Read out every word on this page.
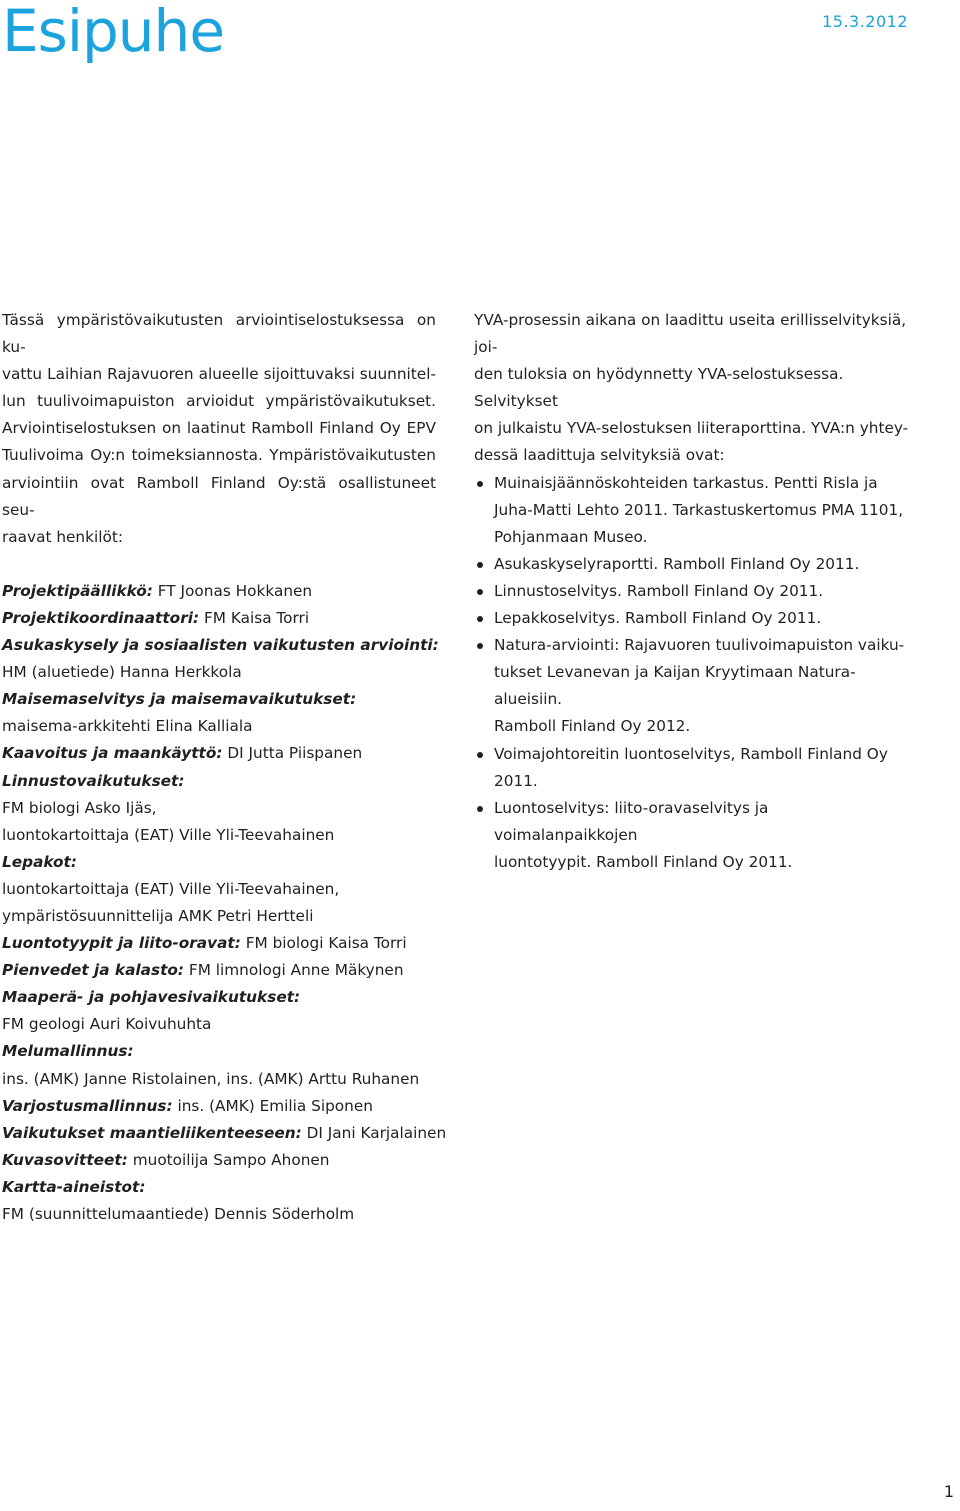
Esipuhe	15.3.2012

Tässä ympäristövaikutusten arviointiselostuksessa on ku-
vattu Laihian Rajavuoren alueelle sijoittuvaksi suunnitel-
lun tuulivoimapuiston arvioidut ympäristövaikutukset.
Arviointiselostuksen on laatinut Ramboll Finland Oy EPV
Tuulivoima Oy:n toimeksiannosta. Ympäristövaikutusten
arviointiin ovat Ramboll Finland Oy:stä osallistuneet seu-
raavat henkilöt:

Projektipäällikkö: FT Joonas Hokkanen

Projektikoordinaattori: FM Kaisa Torri

Asukaskysely ja sosiaalisten vaikutusten arviointi:

HM (aluetiede) Hanna Herkkola

Maisemaselvitys ja maisemavaikutukset:

maisema-arkkitehti Elina Kalliala

Kaavoitus ja maankäyttö: DI Jutta Piispanen

Linnustovaikutukset:

FM biologi Asko Ijäs,

luontokartoittaja (EAT) Ville Yli-Teevahainen

Lepakot:

luontokartoittaja (EAT) Ville Yli-Teevahainen,

ympäristösuunnittelija AMK Petri Hertteli

Luontotyypit ja liito-oravat: FM biologi Kaisa Torri

Pienvedet ja kalasto: FM limnologi Anne Mäkynen

Maaperä- ja pohjavesivaikutukset:

FM geologi Auri Koivuhuhta

Melumallinnus:

ins. (AMK) Janne Ristolainen, ins. (AMK) Arttu Ruhanen

Varjostusmallinnus: ins. (AMK) Emilia Siponen

Vaikutukset maantieliikenteeseen: DI Jani Karjalainen

Kuvasovitteet: muotoilija Sampo Ahonen

Kartta-aineistot:

FM (suunnittelumaantiede) Dennis Söderholm

YVA-prosessin aikana on laadittu useita erillisselvityksiä, joi-
den tuloksia on hyödynnetty YVA-selostuksessa. Selvitykset
on julkaistu YVA-selostuksen liiteraporttina. YVA:n yhtey-
dessä laadittuja selvityksiä ovat:

Muinaisjäännöskohteiden tarkastus. Pentti Risla ja
Juha-Matti Lehto 2011. Tarkastuskertomus PMA 1101,
Pohjanmaan Museo.
Asukaskyselyraportti. Ramboll Finland Oy 2011.
Linnustoselvitys. Ramboll Finland Oy 2011.
Lepakkoselvitys. Ramboll Finland Oy 2011.
Natura-arviointi: Rajavuoren tuulivoimapuiston vaiku-
tukset Levanevan ja Kaijan Kryytimaan Natura-alueisiin.
Ramboll Finland Oy 2012.
Voimajohtoreitin luontoselvitys, Ramboll Finland Oy
2011.
Luontoselvitys: liito-oravaselvitys ja voimalanpaikkojen
luontotyypit. Ramboll Finland Oy 2011.
1
